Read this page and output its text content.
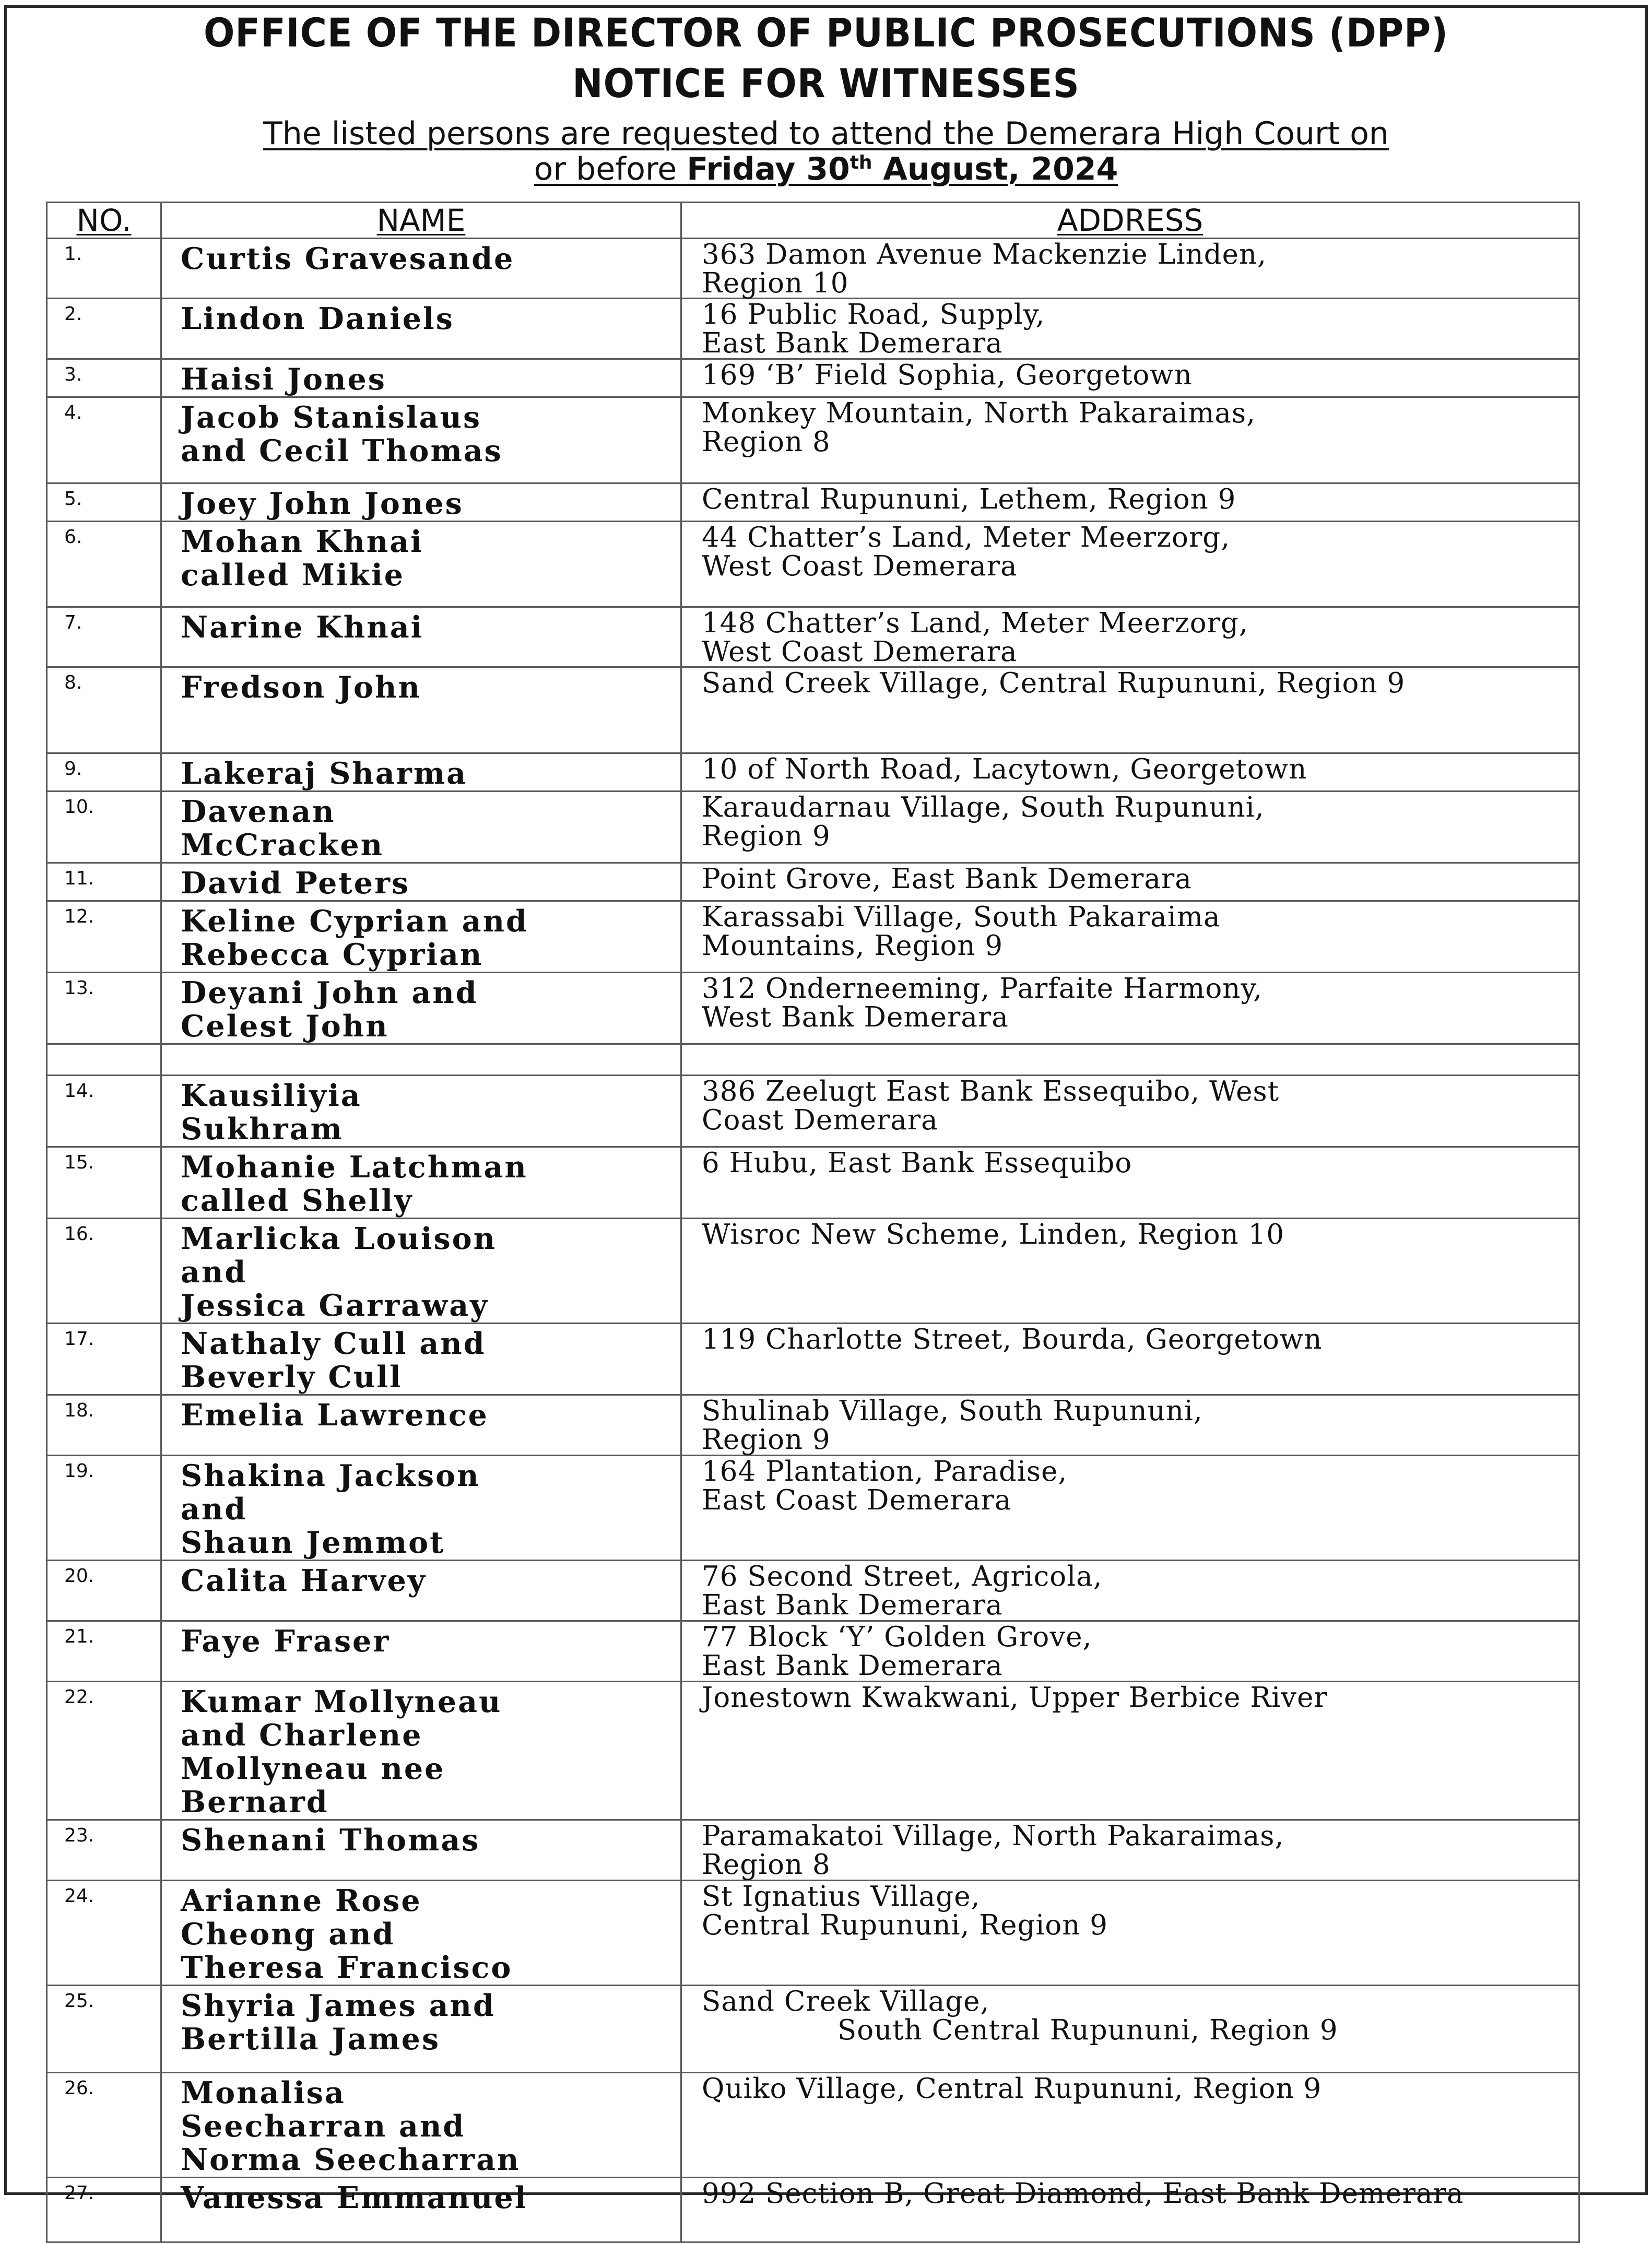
OFFICE OF THE DIRECTOR OF PUBLIC PROSECUTIONS (DPP)
NOTICE FOR WITNESSES
The listed persons are requested to attend the Demerara High Court on
or before Friday 30th August, 2024
NO.	NAME	ADDRESS
1.	Curtis Gravesande	363 Damon Avenue Mackenzie Linden,
Region 10
2.	Lindon Daniels	16 Public Road, Supply,
East Bank Demerara
3.	Haisi Jones	169 ‘B’ Field Sophia, Georgetown
4.	Jacob Stanislaus
and Cecil Thomas	Monkey Mountain, North Pakaraimas,
Region 8
5.	Joey John Jones	Central Rupununi, Lethem, Region 9
6.	Mohan Khnai
called Mikie	44 Chatter’s Land, Meter Meerzorg,
West Coast Demerara
7.	Narine Khnai	148 Chatter’s Land, Meter Meerzorg,
West Coast Demerara
8.	Fredson John	Sand Creek Village, Central Rupununi, Region 9
9.	Lakeraj Sharma	10 of North Road, Lacytown, Georgetown
10.	Davenan
McCracken	Karaudarnau Village, South Rupununi,
Region 9
11.	David Peters	Point Grove, East Bank Demerara
12.	Keline Cyprian and
Rebecca Cyprian	Karassabi Village, South Pakaraima
Mountains, Region 9
13.	Deyani John and
Celest John	312 Onderneeming, Parfaite Harmony,
West Bank Demerara

14.	Kausiliyia
Sukhram	386 Zeelugt East Bank Essequibo, West
Coast Demerara
15.	Mohanie Latchman
called Shelly	6 Hubu, East Bank Essequibo
16.	Marlicka Louison
and
Jessica Garraway	Wisroc New Scheme, Linden, Region 10
17.	Nathaly Cull and
Beverly Cull	119 Charlotte Street, Bourda, Georgetown
18.	Emelia Lawrence	Shulinab Village, South Rupununi,
Region 9
19.	Shakina Jackson
and
Shaun Jemmot	164 Plantation, Paradise,
East Coast Demerara
20.	Calita Harvey	76 Second Street, Agricola,
East Bank Demerara
21.	Faye Fraser	77 Block ‘Y’ Golden Grove,
East Bank Demerara
22.	Kumar Mollyneau
and Charlene
Mollyneau nee
Bernard	Jonestown Kwakwani, Upper Berbice River
23.	Shenani Thomas	Paramakatoi Village, North Pakaraimas,
Region 8
24.	Arianne Rose
Cheong and
Theresa Francisco	St Ignatius Village,
Central Rupununi, Region 9
25.	Shyria James and
Bertilla James	Sand Creek Village,
South Central Rupununi, Region 9

26.	Monalisa
Seecharran and
Norma Seecharran	Quiko Village, Central Rupununi, Region 9
27.	Vanessa Emmanuel	992 Section B, Great Diamond, East Bank Demerara
